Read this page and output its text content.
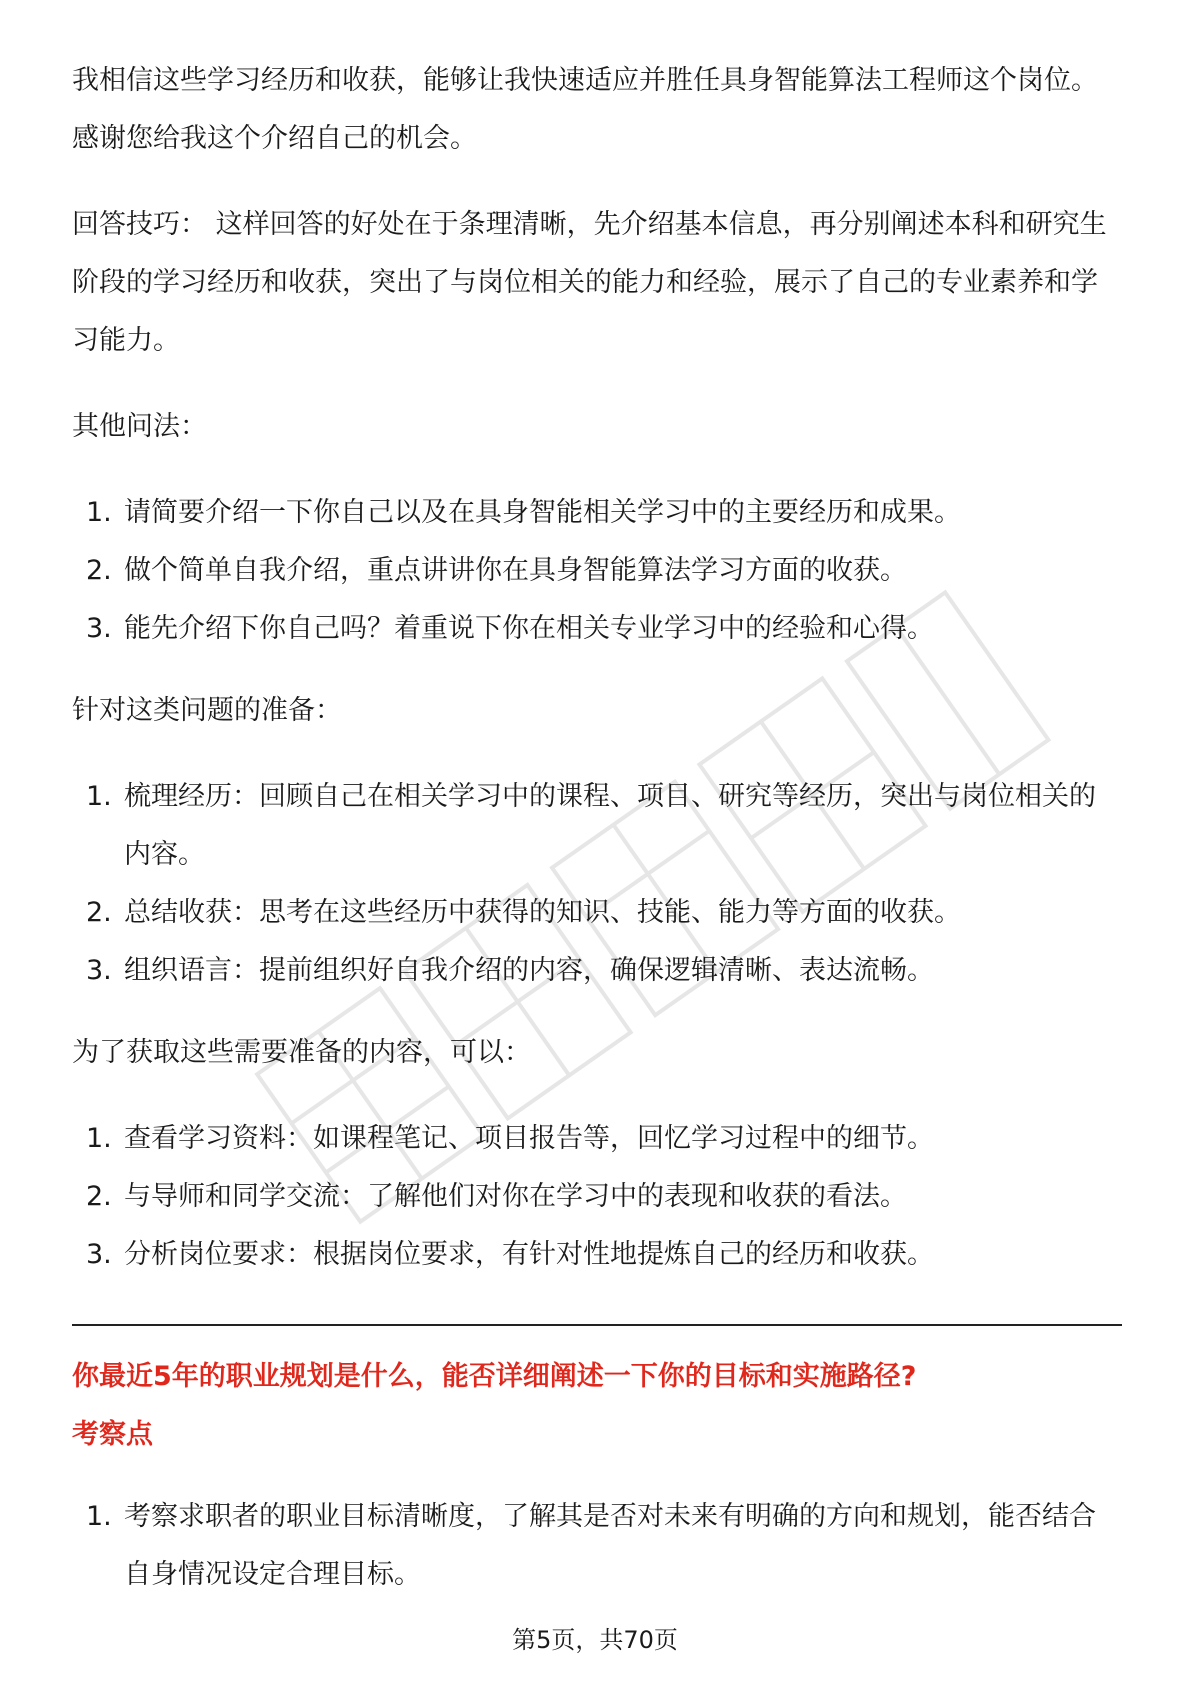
我相信这些学习经历和收获，能够让我快速适应并胜任具身智能算法工程师这个岗位。感谢您给我这个介绍自己的机会。

回答技巧： 这样回答的好处在于条理清晰，先介绍基本信息，再分别阐述本科和研究生阶段的学习经历和收获，突出了与岗位相关的能力和经验，展示了自己的专业素养和学习能力。

其他问法：

1. 请简要介绍一下你自己以及在具身智能相关学习中的主要经历和成果。
2. 做个简单自我介绍，重点讲讲你在具身智能算法学习方面的收获。
3. 能先介绍下你自己吗？着重说下你在相关专业学习中的经验和心得。

针对这类问题的准备：

1. 梳理经历：回顾自己在相关学习中的课程、项目、研究等经历，突出与岗位相关的内容。
2. 总结收获：思考在这些经历中获得的知识、技能、能力等方面的收获。
3. 组织语言：提前组织好自我介绍的内容，确保逻辑清晰、表达流畅。

为了获取这些需要准备的内容，可以：

1. 查看学习资料：如课程笔记、项目报告等，回忆学习过程中的细节。
2. 与导师和同学交流：了解他们对你在学习中的表现和收获的看法。
3. 分析岗位要求：根据岗位要求，有针对性地提炼自己的经历和收获。

你最近5年的职业规划是什么，能否详细阐述一下你的目标和实施路径?

考察点

1. 考察求职者的职业目标清晰度，了解其是否对未来有明确的方向和规划，能否结合自身情况设定合理目标。
第5页，共70页
